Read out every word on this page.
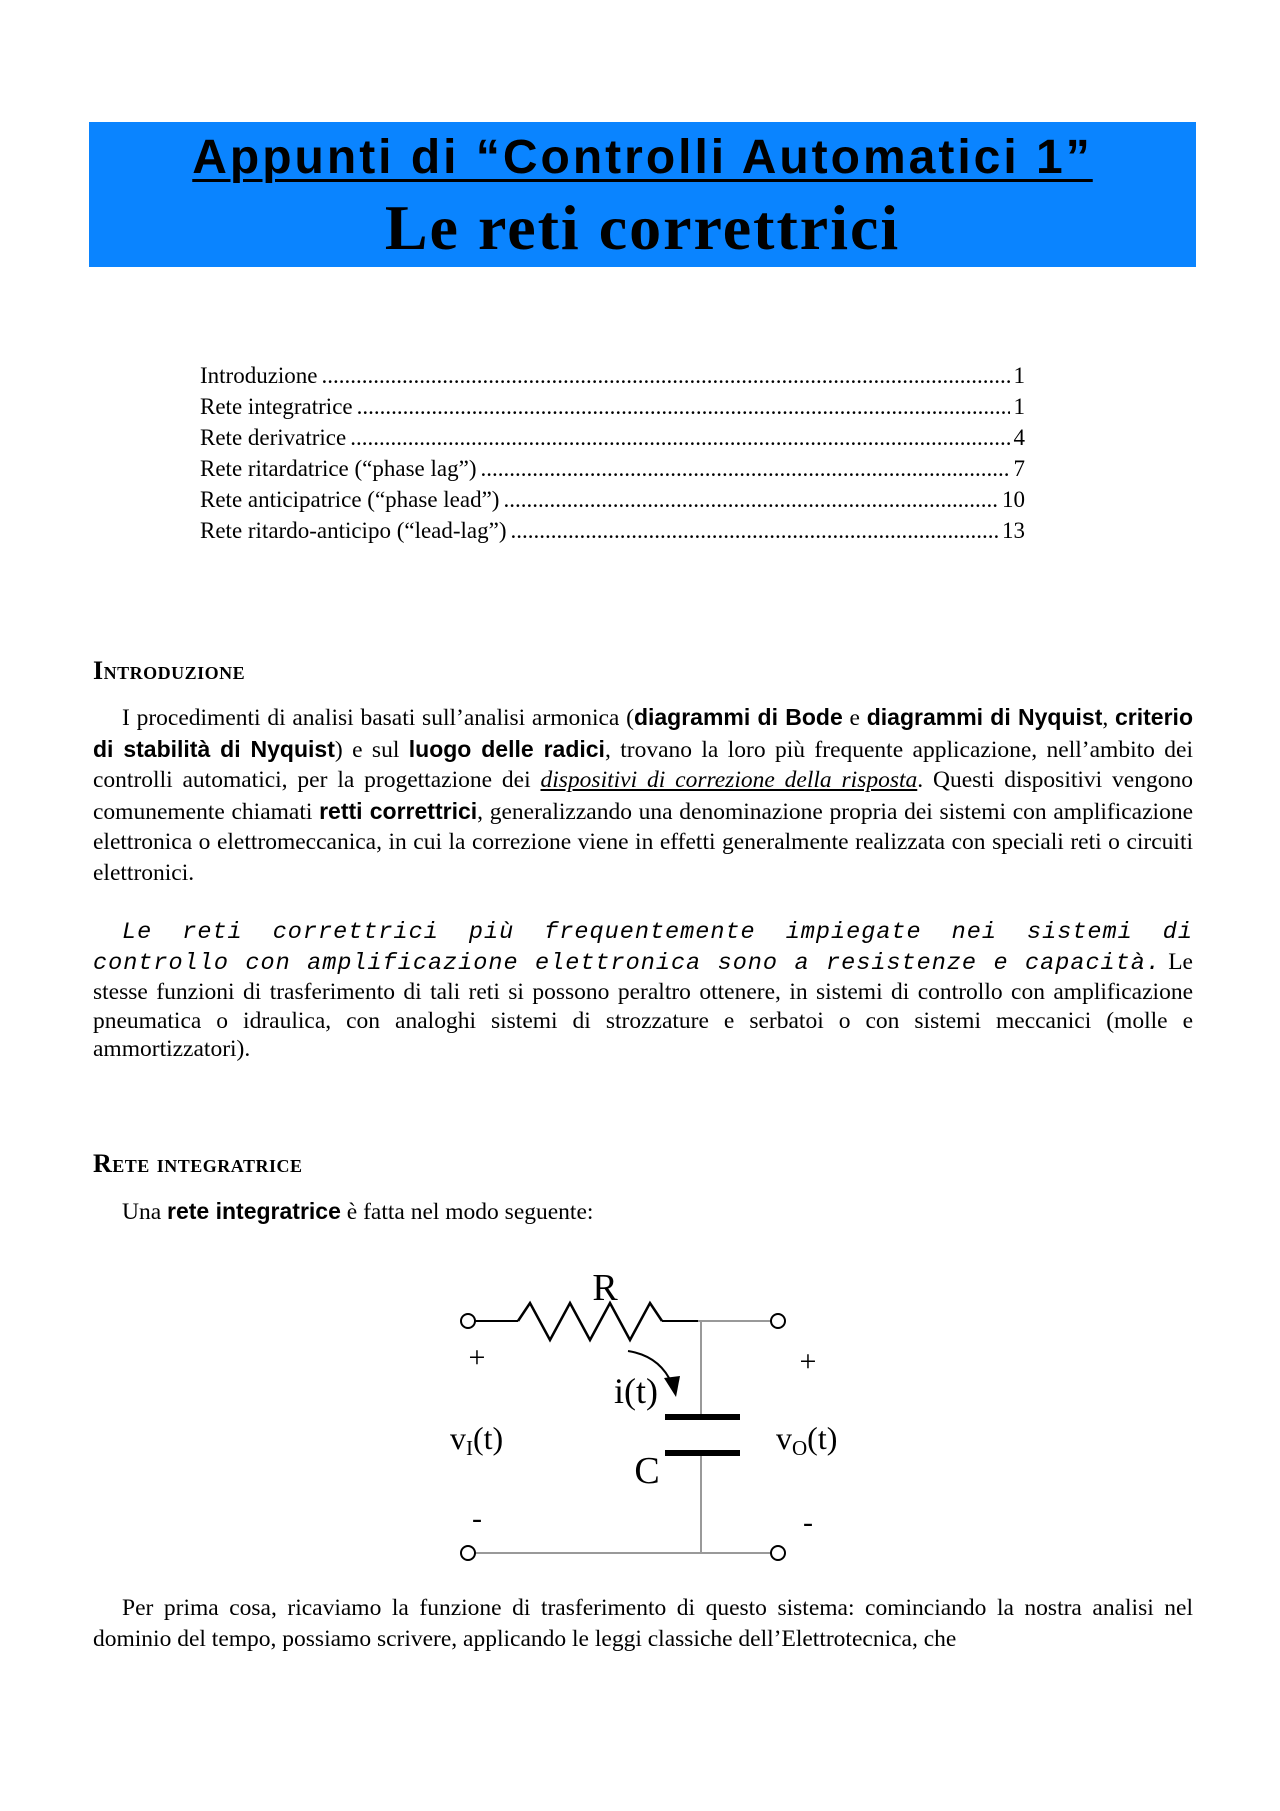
Appunti di “Controlli Automatici 1”
Le reti correttrici
Introduzione .....	1
Rete integratrice .....	1
Rete derivatrice .....	4
Rete ritardatrice (“phase lag”) .....	7
Rete anticipatrice (“phase lead”) .....	10
Rete ritardo-anticipo (“lead-lag”) .....	13
Introduzione

I procedimenti di analisi basati sull’analisi armonica (diagrammi di Bode e diagrammi di Nyquist, criterio di stabilità di Nyquist) e sul luogo delle radici, trovano la loro più frequente applicazione, nell’ambito dei controlli automatici, per la progettazione dei dispositivi di correzione della risposta. Questi dispositivi vengono comunemente chiamati retti correttrici, generalizzando una denominazione propria dei sistemi con amplificazione elettronica o elettromeccanica, in cui la correzione viene in effetti generalmente realizzata con speciali reti o circuiti elettronici.

Le reti correttrici più frequentemente impiegate nei sistemi di controllo con amplificazione elettronica sono a resistenze e capacità. Le stesse funzioni di trasferimento di tali reti si possono peraltro ottenere, in sistemi di controllo con amplificazione pneumatica o idraulica, con analoghi sistemi di strozzature e serbatoi o con sistemi meccanici (molle e ammortizzatori).

Rete integratrice

Una rete integratrice è fatta nel modo seguente:

R
C
i(t)
+	+
-	-
vI(t)	vO(t)

Per prima cosa, ricaviamo la funzione di trasferimento di questo sistema: cominciando la nostra analisi nel dominio del tempo, possiamo scrivere, applicando le leggi classiche dell’Elettrotecnica, che
